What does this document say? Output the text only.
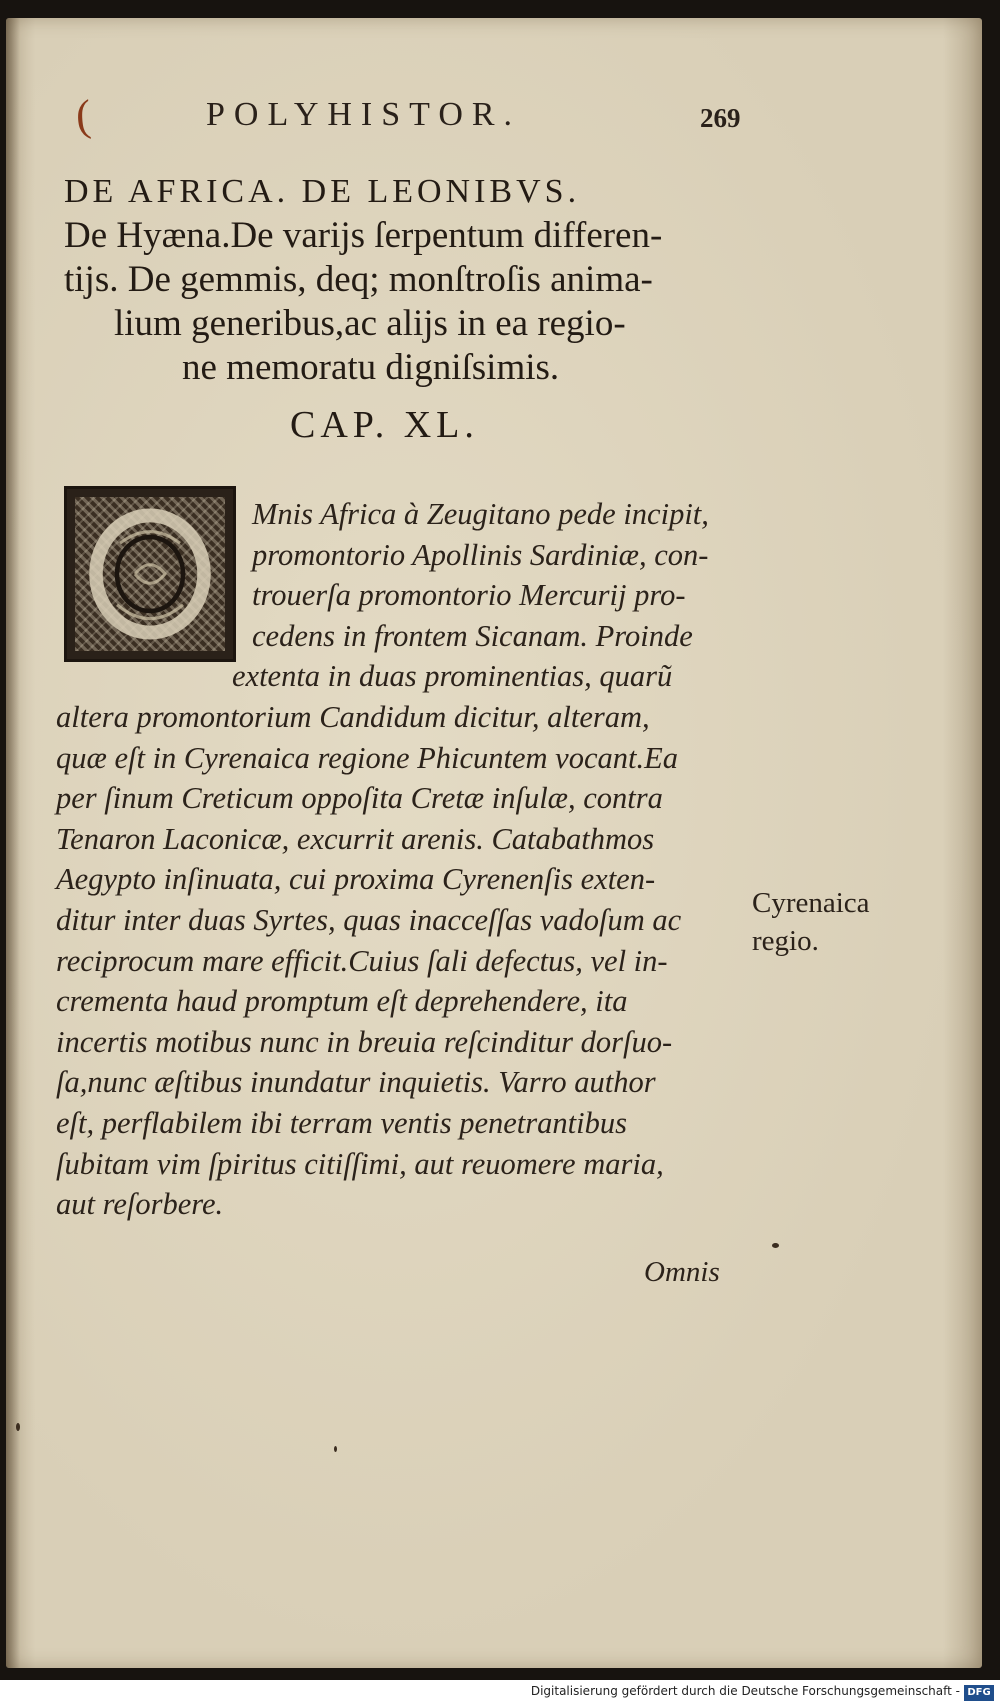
(	POLYHISTOR.	269
DE AFRICA. DE LEONIBVS.
De Hyæna.De varijs ſerpentum differen-
tijs. De gemmis, deq; monſtroſis anima-
lium generibus,ac alijs in ea regio-
ne memoratu digniſsimis.
CAP. XL.
Mnis Africa à Zeugitano pede incipit,
promontorio Apollinis Sardiniæ, con-
trouerſa promontorio Mercurij pro-
cedens in frontem Sicanam. Proinde
extenta in duas prominentias, quarũ
altera promontorium Candidum dicitur, alteram,
quæ eſt in Cyrenaica regione Phicuntem vocant.Ea
per ſinum Creticum oppoſita Cretæ inſulæ, contra
Tenaron Laconicæ, excurrit arenis. Catabathmos
Aegypto inſinuata, cui proxima Cyrenenſis exten-
ditur inter duas Syrtes, quas inacceſſas vadoſum ac
reciprocum mare efficit.Cuius ſali defectus, vel in-
crementa haud promptum eſt deprehendere, ita
incertis motibus nunc in breuia reſcinditur dorſuo-
ſa,nunc æſtibus inundatur inquietis. Varro author
eſt, perflabilem ibi terram ventis penetrantibus
ſubitam vim ſpiritus citiſſimi, aut reuomere maria,
aut reſorbere.
Cyrenaica
regio.
Omnis
Digitalisierung gefördert durch die Deutsche Forschungsgemeinschaft - DFG
